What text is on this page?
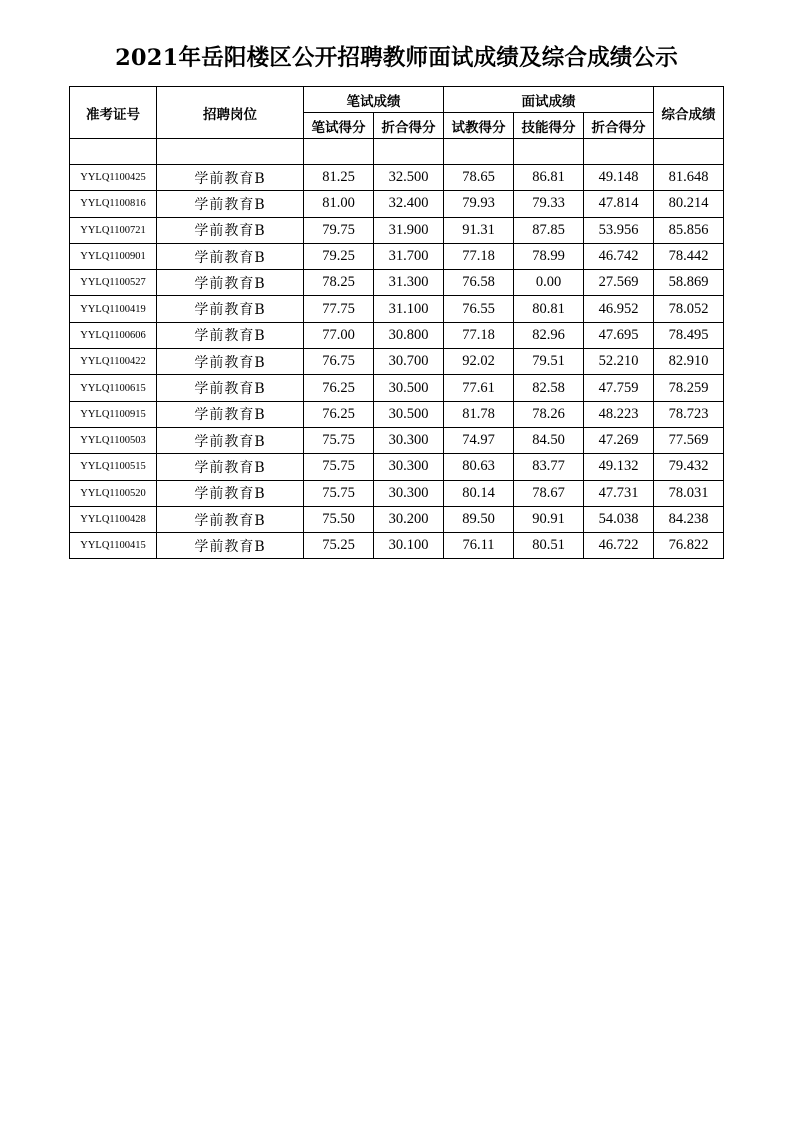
2021年岳阳楼区公开招聘教师面试成绩及综合成绩公示
准考证号	招聘岗位	笔试成绩		面试成绩			综合成绩
		笔试得分	折合得分	试教得分	技能得分	折合得分	

YYLQ1100425	学前教育B	81.25	32.500	78.65	86.81	49.148	81.648
YYLQ1100816	学前教育B	81.00	32.400	79.93	79.33	47.814	80.214
YYLQ1100721	学前教育B	79.75	31.900	91.31	87.85	53.956	85.856
YYLQ1100901	学前教育B	79.25	31.700	77.18	78.99	46.742	78.442
YYLQ1100527	学前教育B	78.25	31.300	76.58	0.00	27.569	58.869
YYLQ1100419	学前教育B	77.75	31.100	76.55	80.81	46.952	78.052
YYLQ1100606	学前教育B	77.00	30.800	77.18	82.96	47.695	78.495
YYLQ1100422	学前教育B	76.75	30.700	92.02	79.51	52.210	82.910
YYLQ1100615	学前教育B	76.25	30.500	77.61	82.58	47.759	78.259
YYLQ1100915	学前教育B	76.25	30.500	81.78	78.26	48.223	78.723
YYLQ1100503	学前教育B	75.75	30.300	74.97	84.50	47.269	77.569
YYLQ1100515	学前教育B	75.75	30.300	80.63	83.77	49.132	79.432
YYLQ1100520	学前教育B	75.75	30.300	80.14	78.67	47.731	78.031
YYLQ1100428	学前教育B	75.50	30.200	89.50	90.91	54.038	84.238
YYLQ1100415	学前教育B	75.25	30.100	76.11	80.51	46.722	76.822
